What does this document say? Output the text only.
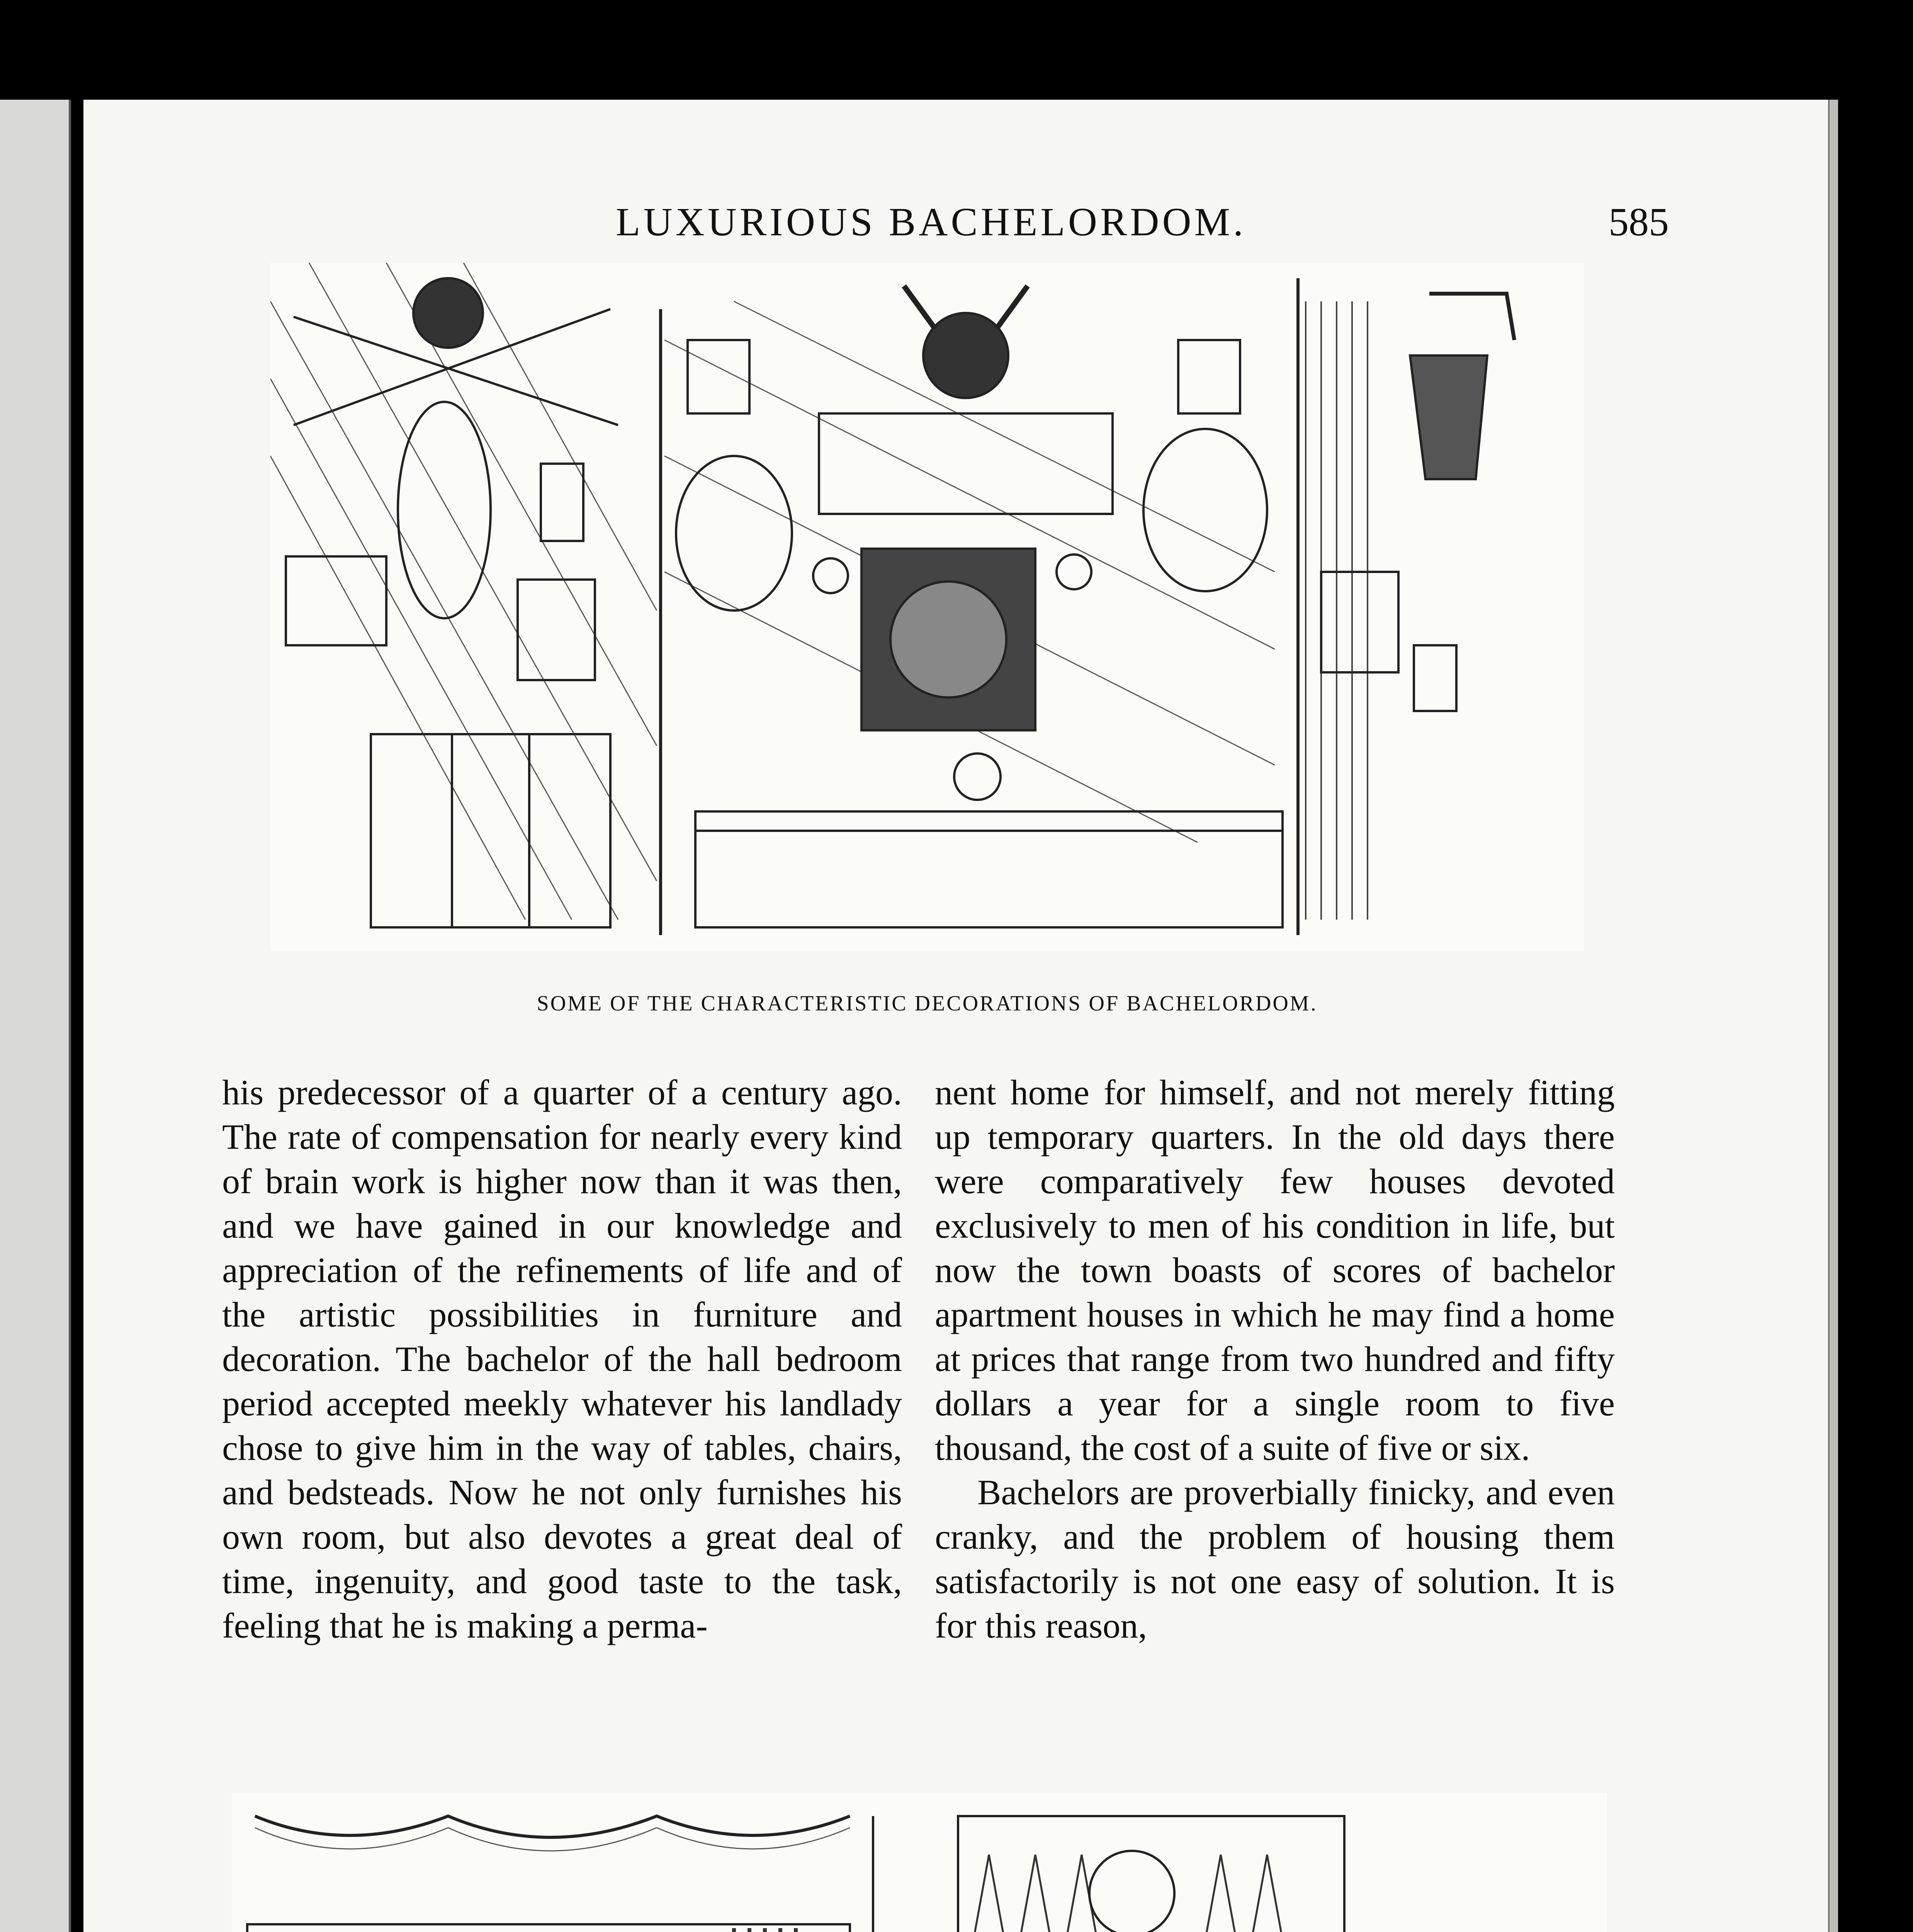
LUXURIOUS BACHELORDOM.	585
SOME OF THE CHARACTERISTIC DECORATIONS OF BACHELORDOM.

his predecessor of a quarter of a century ago. The rate of compensation for nearly every kind of brain work is higher now than it was then, and we have gained in our knowledge and appreciation of the refinements of life and of the artistic possibilities in furniture and decoration. The bachelor of the hall bedroom period accepted meekly whatever his landlady chose to give him in the way of tables, chairs, and bedsteads. Now he not only furnishes his own room, but also devotes a great deal of time, ingenuity, and good taste to the task, feeling that he is making a perma-

nent home for himself, and not merely fitting up temporary quarters. In the old days there were comparatively few houses devoted exclusively to men of his condition in life, but now the town boasts of scores of bachelor apartment houses in which he may find a home at prices that range from two hundred and fifty dollars a year for a single room to five thousand, the cost of a suite of five or six.

Bachelors are proverbially finicky, and even cranky, and the problem of housing them satisfactorily is not one easy of solution. It is for this reason,
